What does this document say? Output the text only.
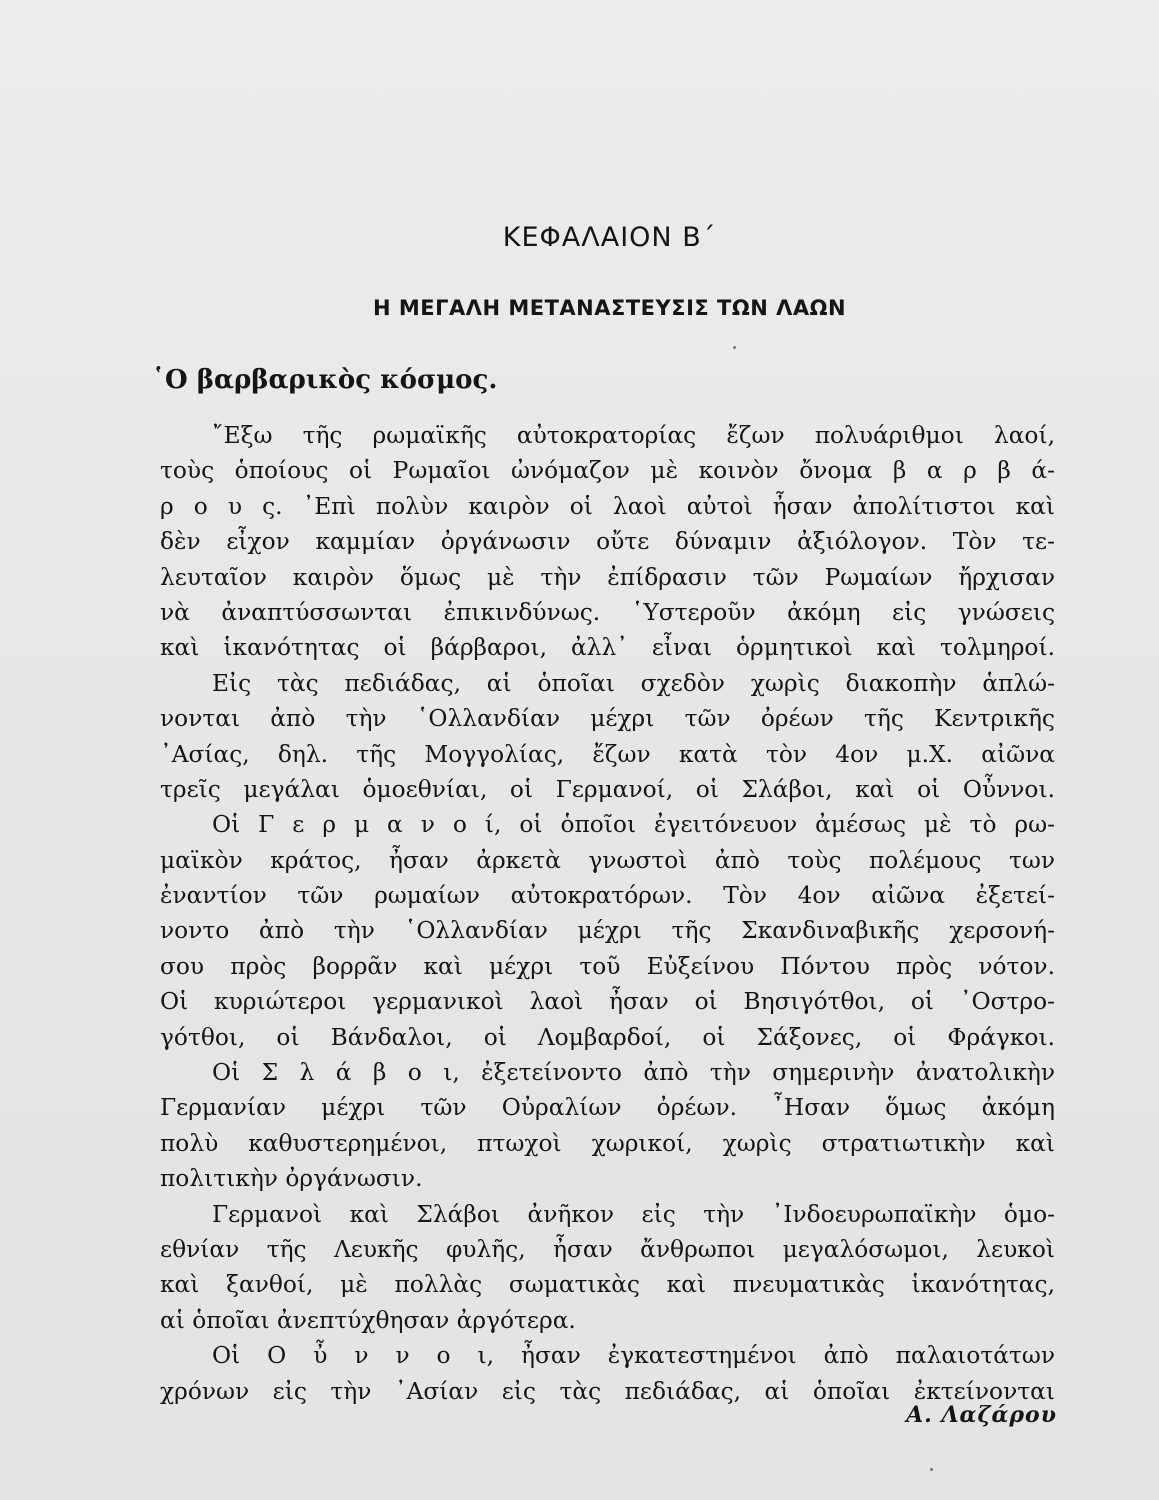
ΚΕΦΑΛΑΙΟΝ Β΄
Η ΜΕΓΑΛΗ ΜΕΤΑΝΑΣΤΕΥΣΙΣ ΤΩΝ ΛΑΩΝ
῾Ο βαρβαρικὸς κόσμος.
῎Εξω τῆς ρωμαϊκῆς αὐτοκρατορίας ἔζων πολυάριθμοι λαοί,
τοὺς ὁποίους οἱ Ρωμαῖοι ὠνόμαζον μὲ κοινὸν ὄνομα β α ρ β ά-
ρ ο υ ς. ᾽Επὶ πολὺν καιρὸν οἱ λαοὶ αὐτοὶ ἦσαν ἀπολίτιστοι καὶ
δὲν εἶχον καμμίαν ὀργάνωσιν οὔτε δύναμιν ἀξιόλογον. Τὸν τε-
λευταῖον καιρὸν ὅμως μὲ τὴν ἐπίδρασιν τῶν Ρωμαίων ἤρχισαν
νὰ ἀναπτύσσωνται ἐπικινδύνως. ῾Υστεροῦν ἀκόμη εἰς γνώσεις
καὶ ἱκανότητας οἱ βάρβαροι, ἀλλ᾽ εἶναι ὁρμητικοὶ καὶ τολμηροί.
Εἰς τὰς πεδιάδας, αἱ ὁποῖαι σχεδὸν χωρὶς διακοπὴν ἁπλώ-
νονται ἀπὸ τὴν ῾Ολλανδίαν μέχρι τῶν ὀρέων τῆς Κεντρικῆς
᾽Ασίας, δηλ. τῆς Μογγολίας, ἔζων κατὰ τὸν 4ον μ.Χ. αἰῶνα
τρεῖς μεγάλαι ὁμοεθνίαι, οἱ Γερμανοί, οἱ Σλάβοι, καὶ οἱ Οὖννοι.
Οἱ Γ ε ρ μ α ν ο ί, οἱ ὁποῖοι ἐγειτόνευον ἀμέσως μὲ τὸ ρω-
μαϊκὸν κράτος, ἦσαν ἀρκετὰ γνωστοὶ ἀπὸ τοὺς πολέμους των
ἐναντίον τῶν ρωμαίων αὐτοκρατόρων. Τὸν 4ον αἰῶνα ἐξετεί-
νοντο ἀπὸ τὴν ῾Ολλανδίαν μέχρι τῆς Σκανδιναβικῆς χερσονή-
σου πρὸς βορρᾶν καὶ μέχρι τοῦ Εὐξείνου Πόντου πρὸς νότον.
Οἱ κυριώτεροι γερμανικοὶ λαοὶ ἦσαν οἱ Βησιγότθοι, οἱ ᾽Οστρο-
γότθοι, οἱ Βάνδαλοι, οἱ Λομβαρδοί, οἱ Σάξονες, οἱ Φράγκοι.
Οἱ Σ λ ά β ο ι, ἐξετείνοντο ἀπὸ τὴν σημερινὴν ἀνατολικὴν
Γερμανίαν μέχρι τῶν Οὐραλίων ὀρέων. ῏Ησαν ὅμως ἀκόμη
πολὺ καθυστερημένοι, πτωχοὶ χωρικοί, χωρὶς στρατιωτικὴν καὶ
πολιτικὴν ὀργάνωσιν.
Γερμανοὶ καὶ Σλάβοι ἀνῆκον εἰς τὴν ᾽Ινδοευρωπαϊκὴν ὁμο-
εθνίαν τῆς Λευκῆς φυλῆς, ἦσαν ἄνθρωποι μεγαλόσωμοι, λευκοὶ
καὶ ξανθοί, μὲ πολλὰς σωματικὰς καὶ πνευματικὰς ἱκανότητας,
αἱ ὁποῖαι ἀνεπτύχθησαν ἀργότερα.
Οἱ Ο ὖ ν ν ο ι, ἦσαν ἐγκατεστημένοι ἀπὸ παλαιοτάτων
χρόνων εἰς τὴν ᾽Ασίαν εἰς τὰς πεδιάδας, αἱ ὁποῖαι ἐκτείνονται
Α. Λαζάρου
